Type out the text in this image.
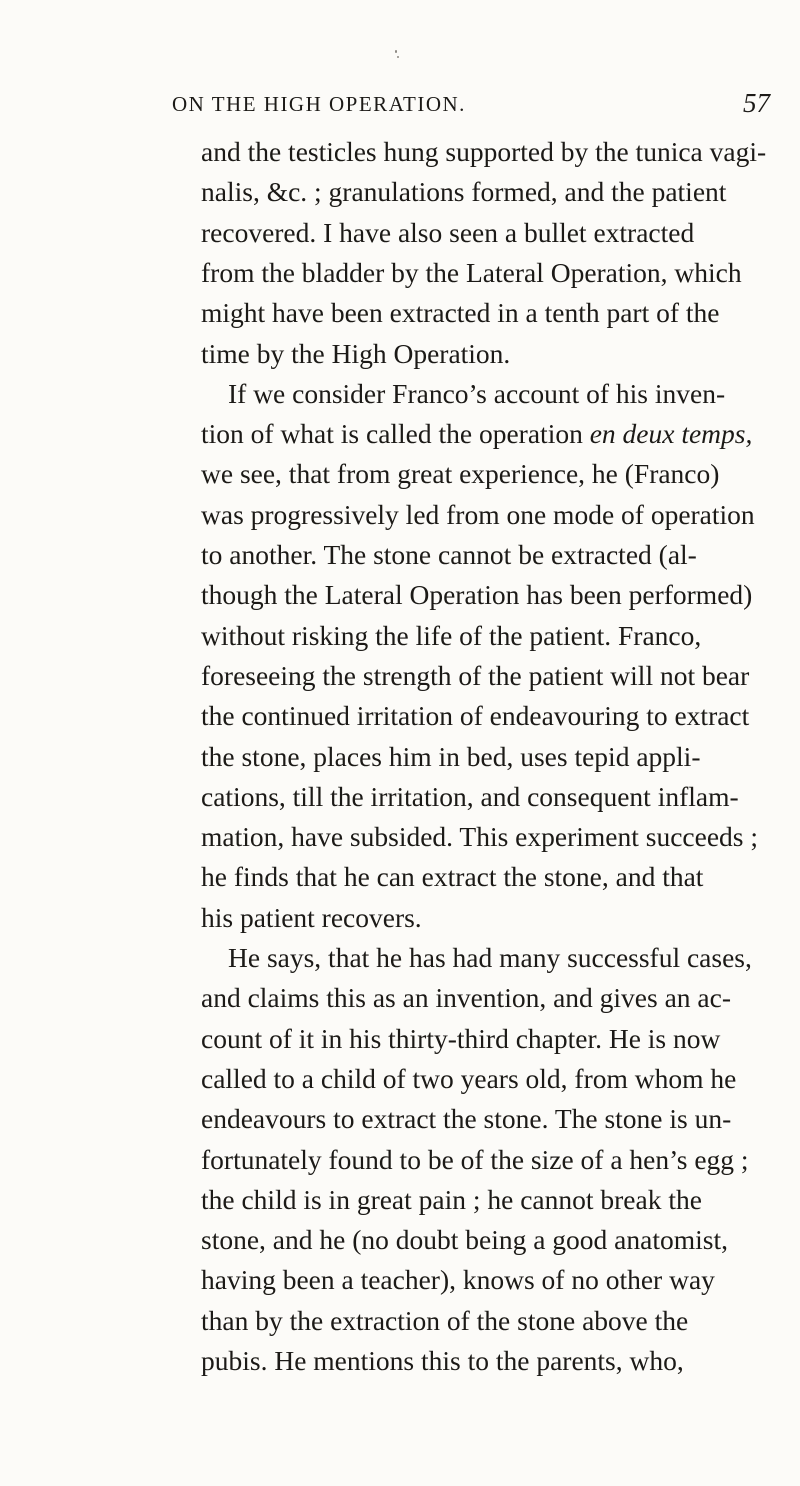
ON THE HIGH OPERATION.	57
and the testicles hung supported by the tunica vagi-
nalis, &c. ; granulations formed, and the patient
recovered. I have also seen a bullet extracted
from the bladder by the Lateral Operation, which
might have been extracted in a tenth part of the
time by the High Operation.
If we consider Franco’s account of his inven-
tion of what is called the operation en deux temps,
we see, that from great experience, he (Franco)
was progressively led from one mode of operation
to another. The stone cannot be extracted (al-
though the Lateral Operation has been performed)
without risking the life of the patient. Franco,
foreseeing the strength of the patient will not bear
the continued irritation of endeavouring to extract
the stone, places him in bed, uses tepid appli-
cations, till the irritation, and consequent inflam-
mation, have subsided. This experiment succeeds ;
he finds that he can extract the stone, and that
his patient recovers.
He says, that he has had many successful cases,
and claims this as an invention, and gives an ac-
count of it in his thirty-third chapter. He is now
called to a child of two years old, from whom he
endeavours to extract the stone. The stone is un-
fortunately found to be of the size of a hen’s egg ;
the child is in great pain ; he cannot break the
stone, and he (no doubt being a good anatomist,
having been a teacher), knows of no other way
than by the extraction of the stone above the
pubis. He mentions this to the parents, who,
